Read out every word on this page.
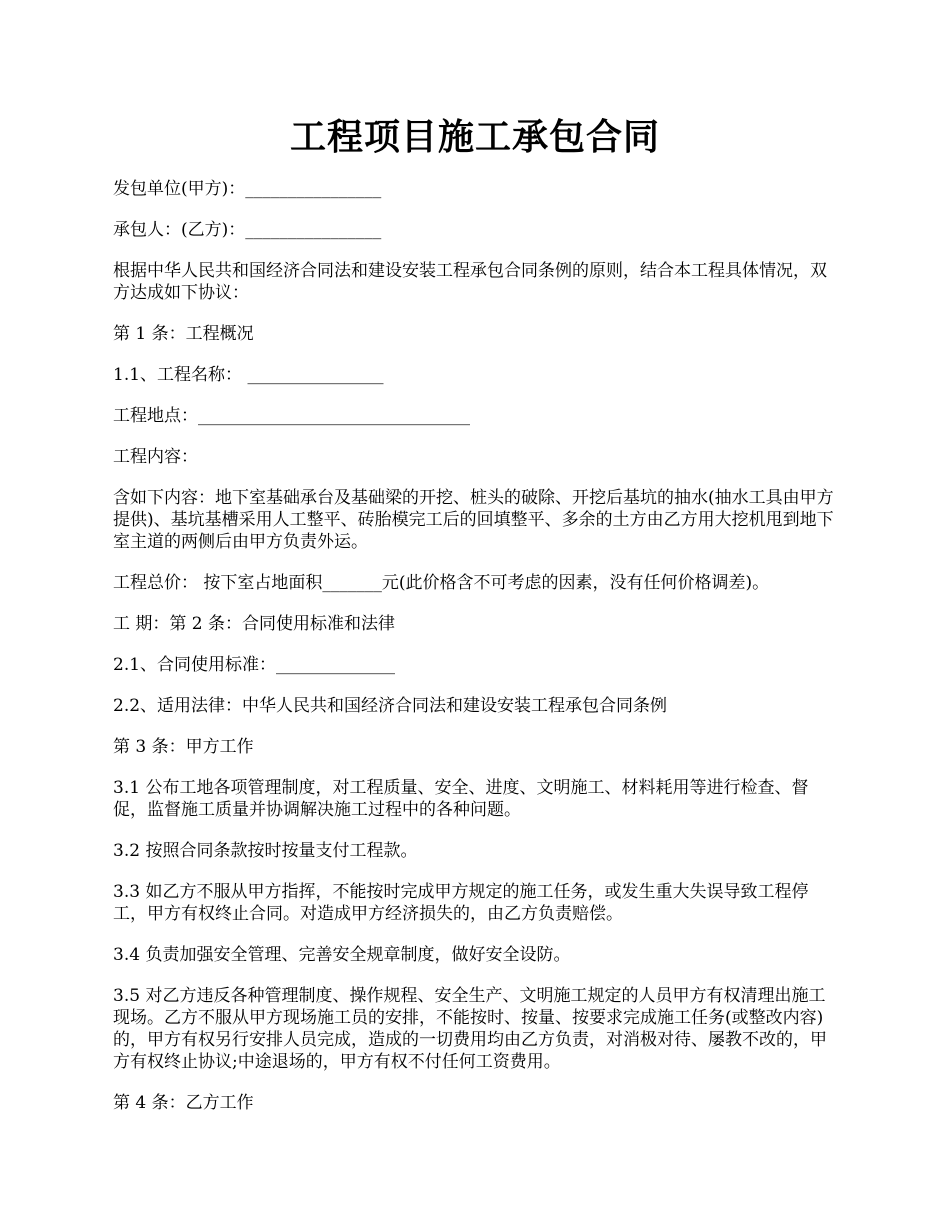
工程项目施工承包合同

发包单位(甲方)：________________

承包人：(乙方)：________________

根据中华人民共和国经济合同法和建设安装工程承包合同条例的原则，结合本工程具体情况，双方达成如下协议：

第 1 条：工程概况

1.1、工程名称： ________________

工程地点：________________________________

工程内容：

含如下内容：地下室基础承台及基础梁的开挖、桩头的破除、开挖后基坑的抽水(抽水工具由甲方提供)、基坑基槽采用人工整平、砖胎模完工后的回填整平、多余的土方由乙方用大挖机甩到地下室主道的两侧后由甲方负责外运。

工程总价： 按下室占地面积_______元(此价格含不可考虑的因素，没有任何价格调差)。

工 期：第 2 条：合同使用标准和法律

2.1、合同使用标准：______________

2.2、适用法律：中华人民共和国经济合同法和建设安装工程承包合同条例

第 3 条：甲方工作

3.1 公布工地各项管理制度，对工程质量、安全、进度、文明施工、材料耗用等进行检查、督促，监督施工质量并协调解决施工过程中的各种问题。

3.2 按照合同条款按时按量支付工程款。

3.3 如乙方不服从甲方指挥，不能按时完成甲方规定的施工任务，或发生重大失误导致工程停工，甲方有权终止合同。对造成甲方经济损失的，由乙方负责赔偿。

3.4 负责加强安全管理、完善安全规章制度，做好安全设防。

3.5 对乙方违反各种管理制度、操作规程、安全生产、文明施工规定的人员甲方有权清理出施工现场。乙方不服从甲方现场施工员的安排，不能按时、按量、按要求完成施工任务(或整改内容)的，甲方有权另行安排人员完成，造成的一切费用均由乙方负责，对消极对待、屡教不改的，甲方有权终止协议;中途退场的，甲方有权不付任何工资费用。

第 4 条：乙方工作
